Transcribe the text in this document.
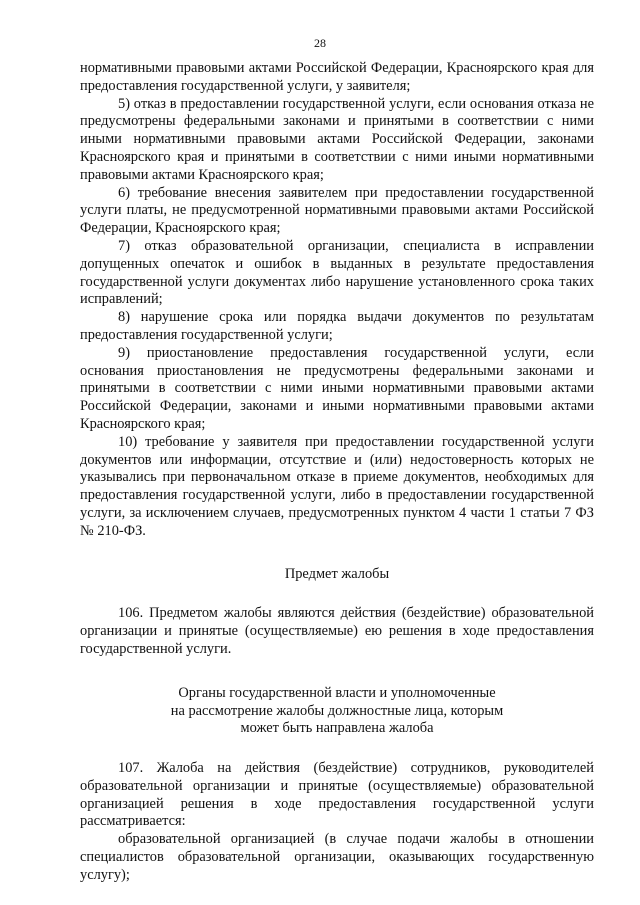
28

нормативными правовыми актами Российской Федерации, Красноярского края для предоставления государственной услуги, у заявителя;

5) отказ в предоставлении государственной услуги, если основания отказа не предусмотрены федеральными законами и принятыми в соответствии с ними иными нормативными правовыми актами Российской Федерации, законами Красноярского края и принятыми в соответствии с ними иными нормативными правовыми актами Красноярского края;

6) требование внесения заявителем при предоставлении государственной услуги платы, не предусмотренной нормативными правовыми актами Российской Федерации, Красноярского края;

7) отказ образовательной организации, специалиста в исправлении допущенных опечаток и ошибок в выданных в результате предоставления государственной услуги документах либо нарушение установленного срока таких исправлений;

8) нарушение срока или порядка выдачи документов по результатам предоставления государственной услуги;

9) приостановление предоставления государственной услуги, если основания приостановления не предусмотрены федеральными законами и принятыми в соответствии с ними иными нормативными правовыми актами Российской Федерации, законами и иными нормативными правовыми актами Красноярского края;

10) требование у заявителя при предоставлении государственной услуги документов или информации, отсутствие и (или) недостоверность которых не указывались при первоначальном отказе в приеме документов, необходимых для предоставления государственной услуги, либо в предоставлении государственной услуги, за исключением случаев, предусмотренных пунктом 4 части 1 статьи 7 ФЗ № 210-ФЗ.

Предмет жалобы

106. Предметом жалобы являются действия (бездействие) образовательной организации и принятые (осуществляемые) ею решения в ходе предоставления государственной услуги.

Органы государственной власти и уполномоченные
на рассмотрение жалобы должностные лица, которым
может быть направлена жалоба

107. Жалоба на действия (бездействие) сотрудников, руководителей образовательной организации и принятые (осуществляемые) образовательной организацией решения в ходе предоставления государственной услуги рассматривается:

образовательной организацией (в случае подачи жалобы в отношении специалистов образовательной организации, оказывающих государственную услугу);
